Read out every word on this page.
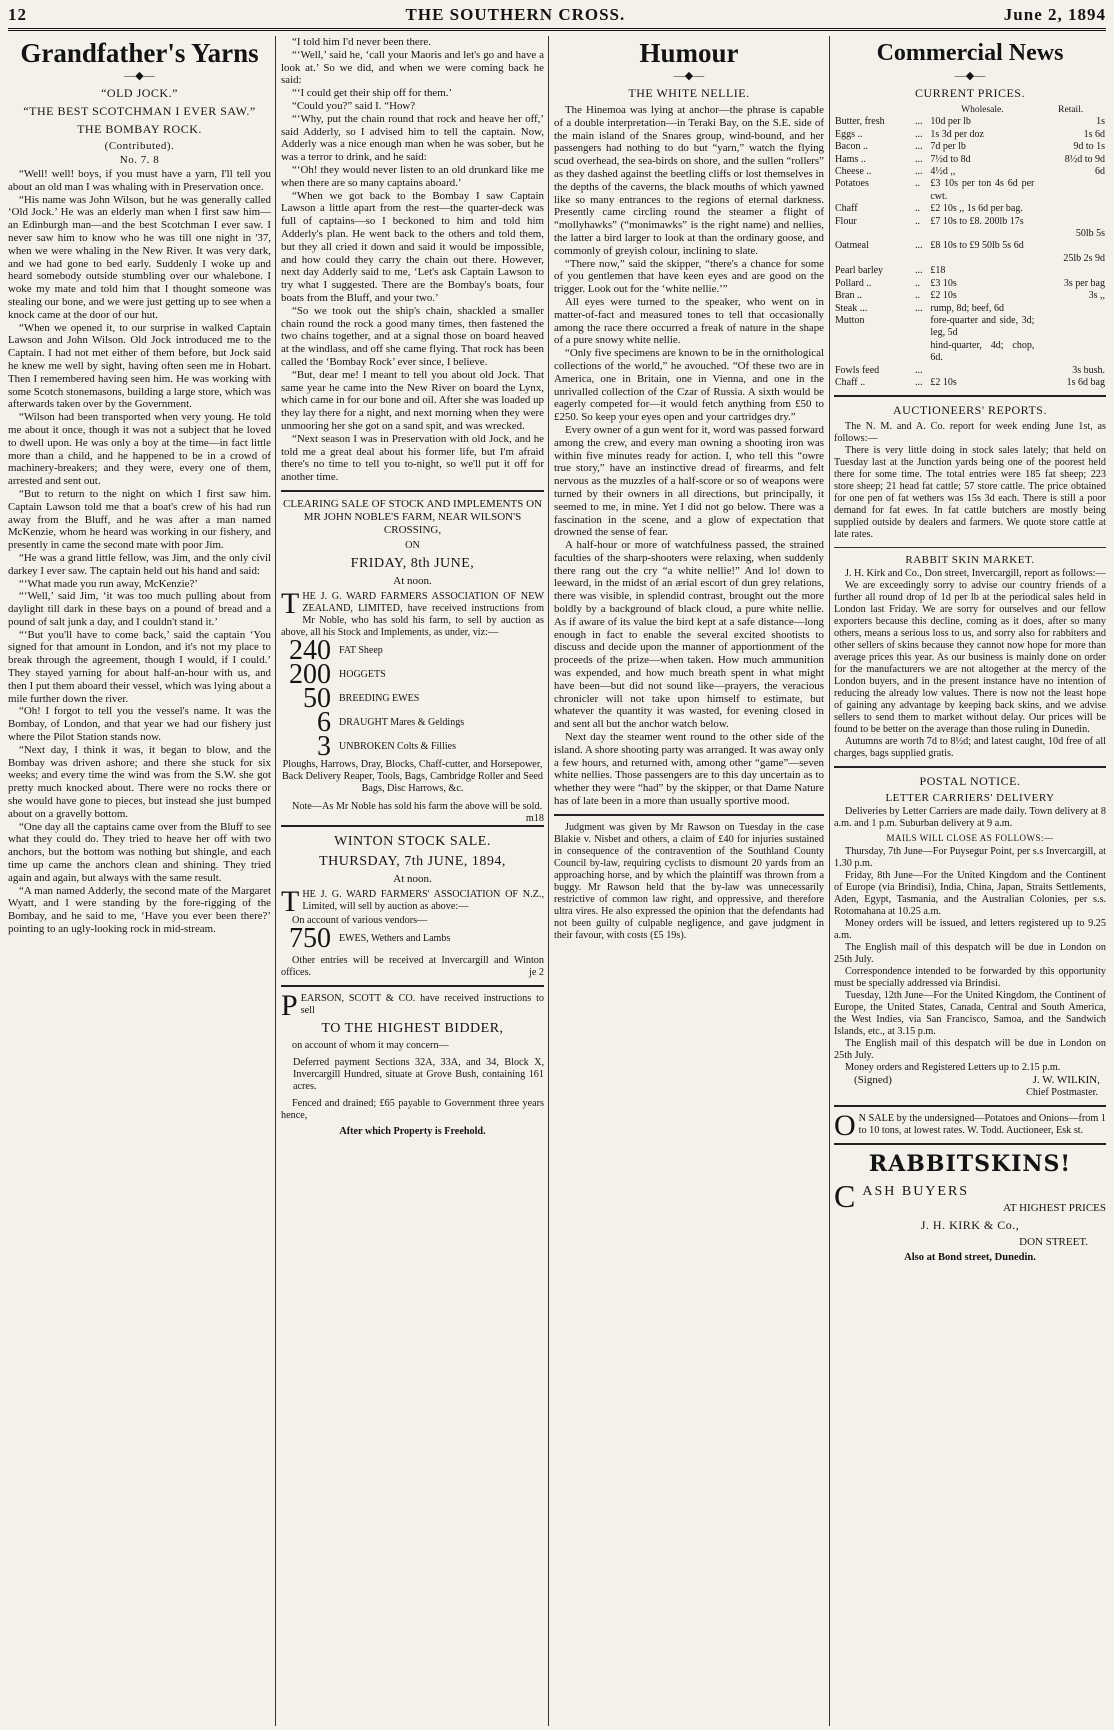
12	THE SOUTHERN CROSS.	June 2, 1894
Grandfather's Yarns
—◆—
“OLD JOCK.”
“THE BEST SCOTCHMAN I EVER SAW.”
THE BOMBAY ROCK.
(Contributed).
No. 7. 8

“Well! well! boys, if you must have a yarn, I'll tell you about an old man I was whaling with in Preservation once.

“His name was John Wilson, but he was generally called ‘Old Jock.’ He was an elderly man when I first saw him—an Edinburgh man—and the best Scotchman I ever saw. I never saw him to know who he was till one night in '37, when we were whaling in the New River. It was very dark, and we had gone to bed early. Suddenly I woke up and heard somebody outside stumbling over our whalebone. I woke my mate and told him that I thought someone was stealing our bone, and we were just getting up to see when a knock came at the door of our hut.

“When we opened it, to our surprise in walked Captain Lawson and John Wilson. Old Jock introduced me to the Captain. I had not met either of them before, but Jock said he knew me well by sight, having often seen me in Hobart. Then I remembered having seen him. He was working with some Scotch stonemasons, building a large store, which was afterwards taken over by the Government.

“Wilson had been transported when very young. He told me about it once, though it was not a subject that he loved to dwell upon. He was only a boy at the time—in fact little more than a child, and he happened to be in a crowd of machinery-breakers; and they were, every one of them, arrested and sent out.

“But to return to the night on which I first saw him. Captain Lawson told me that a boat's crew of his had run away from the Bluff, and he was after a man named McKenzie, whom he heard was working in our fishery, and presently in came the second mate with poor Jim.

“He was a grand little fellow, was Jim, and the only civil darkey I ever saw. The captain held out his hand and said:

“‘What made you run away, McKenzie?’

“‘Well,’ said Jim, ‘it was too much pulling about from daylight till dark in these bays on a pound of bread and a pound of salt junk a day, and I couldn't stand it.’

“‘But you'll have to come back,’ said the captain ‘You signed for that amount in London, and it's not my place to break through the agreement, though I would, if I could.’ They stayed yarning for about half-an-hour with us, and then I put them aboard their vessel, which was lying about a mile further down the river.

“Oh! I forgot to tell you the vessel's name. It was the Bombay, of London, and that year we had our fishery just where the Pilot Station stands now.

“Next day, I think it was, it began to blow, and the Bombay was driven ashore; and there she stuck for six weeks; and every time the wind was from the S.W. she got pretty much knocked about. There were no rocks there or she would have gone to pieces, but instead she just bumped about on a gravelly bottom.

“One day all the captains came over from the Bluff to see what they could do. They tried to heave her off with two anchors, but the bottom was nothing but shingle, and each time up came the anchors clean and shining. They tried again and again, but always with the same result.

“A man named Adderly, the second mate of the Margaret Wyatt, and I were standing by the fore-rigging of the Bombay, and he said to me, ‘Have you ever been there?’ pointing to an ugly-looking rock in mid-stream.

“I told him I'd never been there.

“‘Well,’ said he, ‘call your Maoris and let's go and have a look at.’ So we did, and when we were coming back he said:

“‘I could get their ship off for them.’

“Could you?” said I. “How?

“‘Why, put the chain round that rock and heave her off,’ said Adderly, so I advised him to tell the captain. Now, Adderly was a nice enough man when he was sober, but he was a terror to drink, and he said:

“‘Oh! they would never listen to an old drunkard like me when there are so many captains aboard.’

“When we got back to the Bombay I saw Captain Lawson a little apart from the rest—the quarter-deck was full of captains—so I beckoned to him and told him Adderly's plan. He went back to the others and told them, but they all cried it down and said it would be impossible, and how could they carry the chain out there. However, next day Adderly said to me, ‘Let's ask Captain Lawson to try what I suggested. There are the Bombay's boats, four boats from the Bluff, and your two.’

“So we took out the ship's chain, shackled a smaller chain round the rock a good many times, then fastened the two chains together, and at a signal those on board heaved at the windlass, and off she came flying. That rock has been called the ‘Bombay Rock’ ever since, I believe.

“But, dear me! I meant to tell you about old Jock. That same year he came into the New River on board the Lynx, which came in for our bone and oil. After she was loaded up they lay there for a night, and next morning when they were unmooring her she got on a sand spit, and was wrecked.

“Next season I was in Preservation with old Jock, and he told me a great deal about his former life, but I'm afraid there's no time to tell you to-night, so we'll put it off for another time.

CLEARING SALE OF STOCK AND IMPLEMENTS ON MR JOHN NOBLE'S FARM, NEAR WILSON'S CROSSING,
ON
FRIDAY, 8th JUNE,
At noon.

THE J. G. WARD FARMERS ASSOCIATION OF NEW ZEALAND, LIMITED, have received instructions from Mr Noble, who has sold his farm, to sell by auction as above, all his Stock and Implements, as under, viz:—

240 FAT Sheep
200 HOGGETS
50 BREEDING EWES
6 DRAUGHT Mares & Geldings
3 UNBROKEN Colts & Fillies

Ploughs, Harrows, Dray, Blocks, Chaff-cutter, and Horsepower, Back Delivery Reaper, Tools, Bags, Cambridge Roller and Seed Bags, Disc Harrows, &c.

Note—As Mr Noble has sold his farm the above will be sold.
m18

WINTON STOCK SALE.
THURSDAY, 7th JUNE, 1894,
At noon.

THE J. G. WARD FARMERS' ASSOCIATION OF N.Z., Limited, will sell by auction as above:—

On account of various vendors—

750 EWES, Wethers and Lambs

Other entries will be received at Invercargill and Winton offices.	je 2

PEARSON, SCOTT & CO. have received instructions to sell

TO THE HIGHEST BIDDER,

on account of whom it may concern—

Deferred payment Sections 32A, 33A, and 34, Block X, Invercargill Hundred, situate at Grove Bush, containing 161 acres.

Fenced and drained; £65 payable to Government three years hence,

After which Property is Freehold.

Humour
—◆—
THE WHITE NELLIE.

The Hinemoa was lying at anchor—the phrase is capable of a double interpretation—in Teraki Bay, on the S.E. side of the main island of the Snares group, wind-bound, and her passengers had nothing to do but “yarn,” watch the flying scud overhead, the sea-birds on shore, and the sullen “rollers” as they dashed against the beetling cliffs or lost themselves in the depths of the caverns, the black mouths of which yawned like so many entrances to the regions of eternal darkness. Presently came circling round the steamer a flight of “mollyhawks” (“monimawks” is the right name) and nellies, the latter a bird larger to look at than the ordinary goose, and commonly of greyish colour, inclining to slate.

“There now,” said the skipper, “there's a chance for some of you gentlemen that have keen eyes and are good on the trigger. Look out for the ‘white nellie.’”

All eyes were turned to the speaker, who went on in matter-of-fact and measured tones to tell that occasionally among the race there occurred a freak of nature in the shape of a pure snowy white nellie.

“Only five specimens are known to be in the ornithological collections of the world,” he avouched. “Of these two are in America, one in Britain, one in Vienna, and one in the unrivalled collection of the Czar of Russia. A sixth would be eagerly competed for—it would fetch anything from £50 to £250. So keep your eyes open and your cartridges dry.”

Every owner of a gun went for it, word was passed forward among the crew, and every man owning a shooting iron was within five minutes ready for action. I, who tell this “owre true story,” have an instinctive dread of firearms, and felt nervous as the muzzles of a half-score or so of weapons were turned by their owners in all directions, but principally, it seemed to me, in mine. Yet I did not go below. There was a fascination in the scene, and a glow of expectation that drowned the sense of fear.

A half-hour or more of watchfulness passed, the strained faculties of the sharp-shooters were relaxing, when suddenly there rang out the cry “a white nellie!” And lo! down to leeward, in the midst of an ærial escort of dun grey relations, there was visible, in splendid contrast, brought out the more boldly by a background of black cloud, a pure white nellie. As if aware of its value the bird kept at a safe distance—long enough in fact to enable the several excited shootists to discuss and decide upon the manner of apportionment of the proceeds of the prize—when taken. How much ammunition was expended, and how much breath spent in what might have been—but did not sound like—prayers, the veracious chronicler will not take upon himself to estimate, but whatever the quantity it was wasted, for evening closed in and sent all but the anchor watch below.

Next day the steamer went round to the other side of the island. A shore shooting party was arranged. It was away only a few hours, and returned with, among other “game”—seven white nellies. Those passengers are to this day uncertain as to whether they were “had” by the skipper, or that Dame Nature has of late been in a more than usually sportive mood.

Judgment was given by Mr Rawson on Tuesday in the case Blakie v. Nisbet and others, a claim of £40 for injuries sustained in consequence of the contravention of the Southland County Council by-law, requiring cyclists to dismount 20 yards from an approaching horse, and by which the plaintiff was thrown from a buggy. Mr Rawson held that the by-law was unnecessarily restrictive of common law right, and oppressive, and therefore ultra vires. He also expressed the opinion that the defendants had not been guilty of culpable negligence, and gave judgment in their favour, with costs (£5 19s).

Commercial News
—◆—
CURRENT PRICES.
		Wholesale.	Retail.
Butter, fresh	...	10d per lb	1s
Eggs ..	...	1s 3d per doz	1s 6d
Bacon ..	...	7d per lb	9d to 1s
Hams ..	...	7½d to 8d	8½d to 9d
Cheese ..	...	4½d ,,	6d
Potatoes	..	£3 10s per ton 4s 6d per cwt.	
Chaff	..	£2 10s ,, 1s 6d per bag.	
Flour	..	£7 10s to £8. 200lb 17s	
			50lb 5s
Oatmeal	...	£8 10s to £9 50lb 5s 6d	
			25lb 2s 9d
Pearl barley	...	£18	
Pollard ..	..	£3 10s	3s per bag
Bran ..	..	£2 10s	3s ,,
Steak ...	...	rump, 8d; beef, 6d	
Mutton		fore-quarter and side, 3d; leg, 5d	
		hind-quarter, 4d; chop, 6d.	
Fowls feed	...		3s bush.
Chaff ..	...	£2 10s	1s 6d bag
AUCTIONEERS' REPORTS.

The N. M. and A. Co. report for week ending June 1st, as follows:—

There is very little doing in stock sales lately; that held on Tuesday last at the Junction yards being one of the poorest held there for some time. The total entries were 185 fat sheep; 223 store sheep; 21 head fat cattle; 57 store cattle. The price obtained for one pen of fat wethers was 15s 3d each. There is still a poor demand for fat ewes. In fat cattle butchers are mostly being supplied outside by dealers and farmers. We quote store cattle at late rates.

RABBIT SKIN MARKET.

J. H. Kirk and Co., Don street, Invercargill, report as follows:—

We are exceedingly sorry to advise our country friends of a further all round drop of 1d per lb at the periodical sales held in London last Friday. We are sorry for ourselves and our fellow exporters because this decline, coming as it does, after so many others, means a serious loss to us, and sorry also for rabbiters and other sellers of skins because they cannot now hope for more than average prices this year. As our business is mainly done on order for the manufacturers we are not altogether at the mercy of the London buyers, and in the present instance have no intention of reducing the already low values. There is now not the least hope of gaining any advantage by keeping back skins, and we advise sellers to send them to market without delay. Our prices will be found to be better on the average than those ruling in Dunedin.

Autumns are worth 7d to 8½d; and latest caught, 10d free of all charges, bags supplied gratis.

POSTAL NOTICE.
LETTER CARRIERS' DELIVERY

Deliveries by Letter Carriers are made daily. Town delivery at 8 a.m. and 1 p.m. Suburban delivery at 9 a.m.

MAILS WILL CLOSE AS FOLLOWS:—

Thursday, 7th June—For Puysegur Point, per s.s Invercargill, at 1.30 p.m.

Friday, 8th June—For the United Kingdom and the Continent of Europe (via Brindisi), India, China, Japan, Straits Settlements, Aden, Egypt, Tasmania, and the Australian Colonies, per s.s. Rotomahana at 10.25 a.m.

Money orders will be issued, and letters registered up to 9.25 a.m.

The English mail of this despatch will be due in London on 25th July.

Correspondence intended to be forwarded by this opportunity must be specially addressed via Brindisi.

Tuesday, 12th June—For the United Kingdom, the Continent of Europe, the United States, Canada, Central and South America, the West Indies, via San Francisco, Samoa, and the Sandwich Islands, etc., at 3.15 p.m.

The English mail of this despatch will be due in London on 25th July.

Money orders and Registered Letters up to 2.15 p.m.

(Signed)	J. W. WILKIN,
Chief Postmaster.

O N SALE by the undersigned—Potatoes and Onions—from 1 to 10 tons, at lowest rates. W. Todd. Auctioneer, Esk st.

RABBITSKINS!
C ASH BUYERS
AT HIGHEST PRICES
J. H. KIRK & Co.,
DON STREET.
Also at Bond street, Dunedin.
